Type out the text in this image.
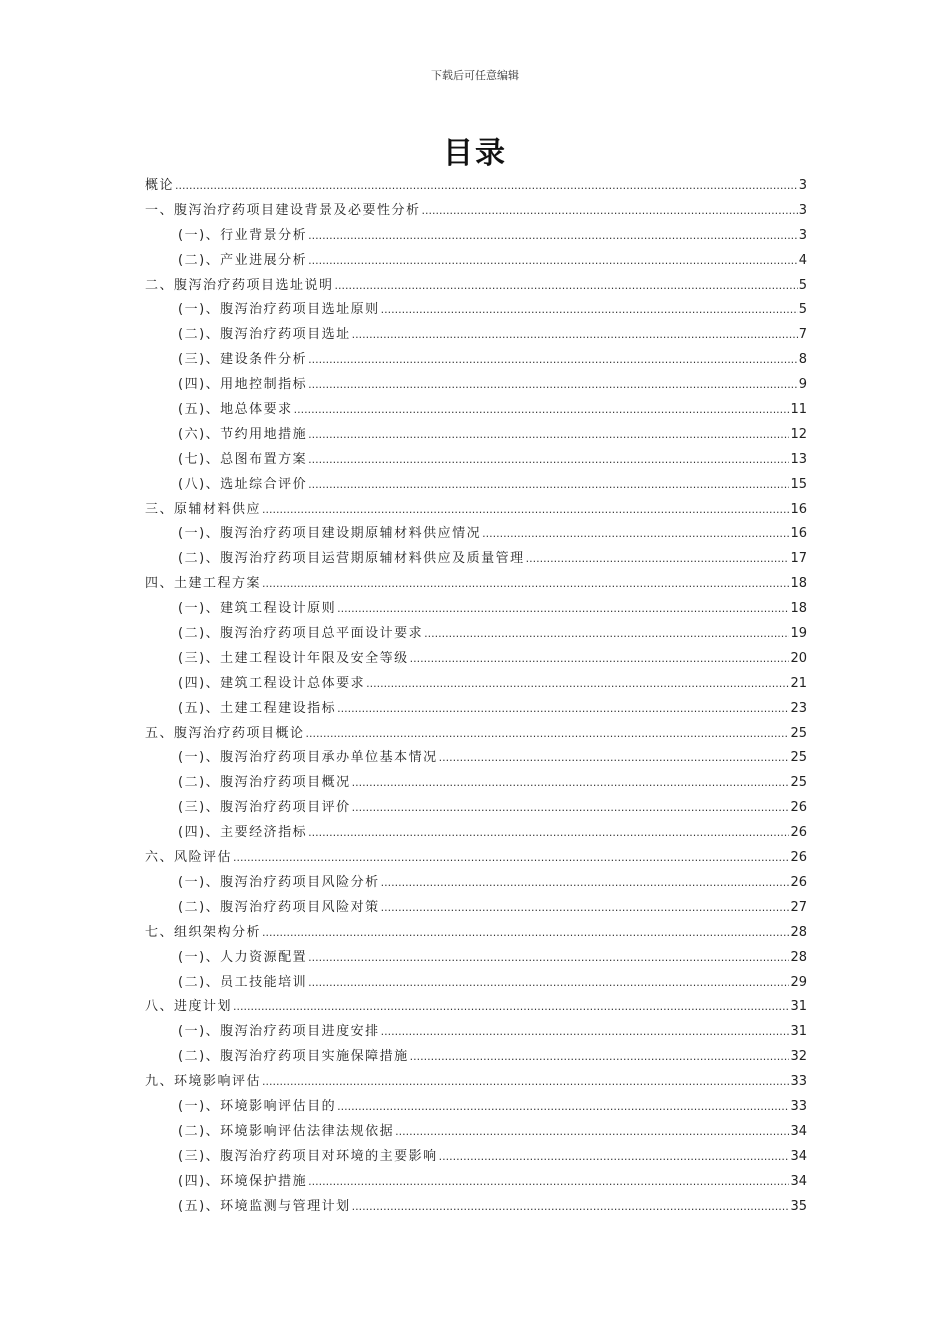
下载后可任意编辑
目录
概论 .....	3
一、腹泻治疗药项目建设背景及必要性分析 .....	3
(一)、行业背景分析 .....	3
(二)、产业进展分析 .....	4
二、腹泻治疗药项目选址说明 .....	5
(一)、腹泻治疗药项目选址原则 .....	5
(二)、腹泻治疗药项目选址 .....	7
(三)、建设条件分析 .....	8
(四)、用地控制指标 .....	9
(五)、地总体要求 .....	11
(六)、节约用地措施 .....	12
(七)、总图布置方案 .....	13
(八)、选址综合评价 .....	15
三、原辅材料供应 .....	16
(一)、腹泻治疗药项目建设期原辅材料供应情况 .....	16
(二)、腹泻治疗药项目运营期原辅材料供应及质量管理 .....	17
四、土建工程方案 .....	18
(一)、建筑工程设计原则 .....	18
(二)、腹泻治疗药项目总平面设计要求 .....	19
(三)、土建工程设计年限及安全等级 .....	20
(四)、建筑工程设计总体要求 .....	21
(五)、土建工程建设指标 .....	23
五、腹泻治疗药项目概论 .....	25
(一)、腹泻治疗药项目承办单位基本情况 .....	25
(二)、腹泻治疗药项目概况 .....	25
(三)、腹泻治疗药项目评价 .....	26
(四)、主要经济指标 .....	26
六、风险评估 .....	26
(一)、腹泻治疗药项目风险分析 .....	26
(二)、腹泻治疗药项目风险对策 .....	27
七、组织架构分析 .....	28
(一)、人力资源配置 .....	28
(二)、员工技能培训 .....	29
八、进度计划 .....	31
(一)、腹泻治疗药项目进度安排 .....	31
(二)、腹泻治疗药项目实施保障措施 .....	32
九、环境影响评估 .....	33
(一)、环境影响评估目的 .....	33
(二)、环境影响评估法律法规依据 .....	34
(三)、腹泻治疗药项目对环境的主要影响 .....	34
(四)、环境保护措施 .....	34
(五)、环境监测与管理计划 .....	35
